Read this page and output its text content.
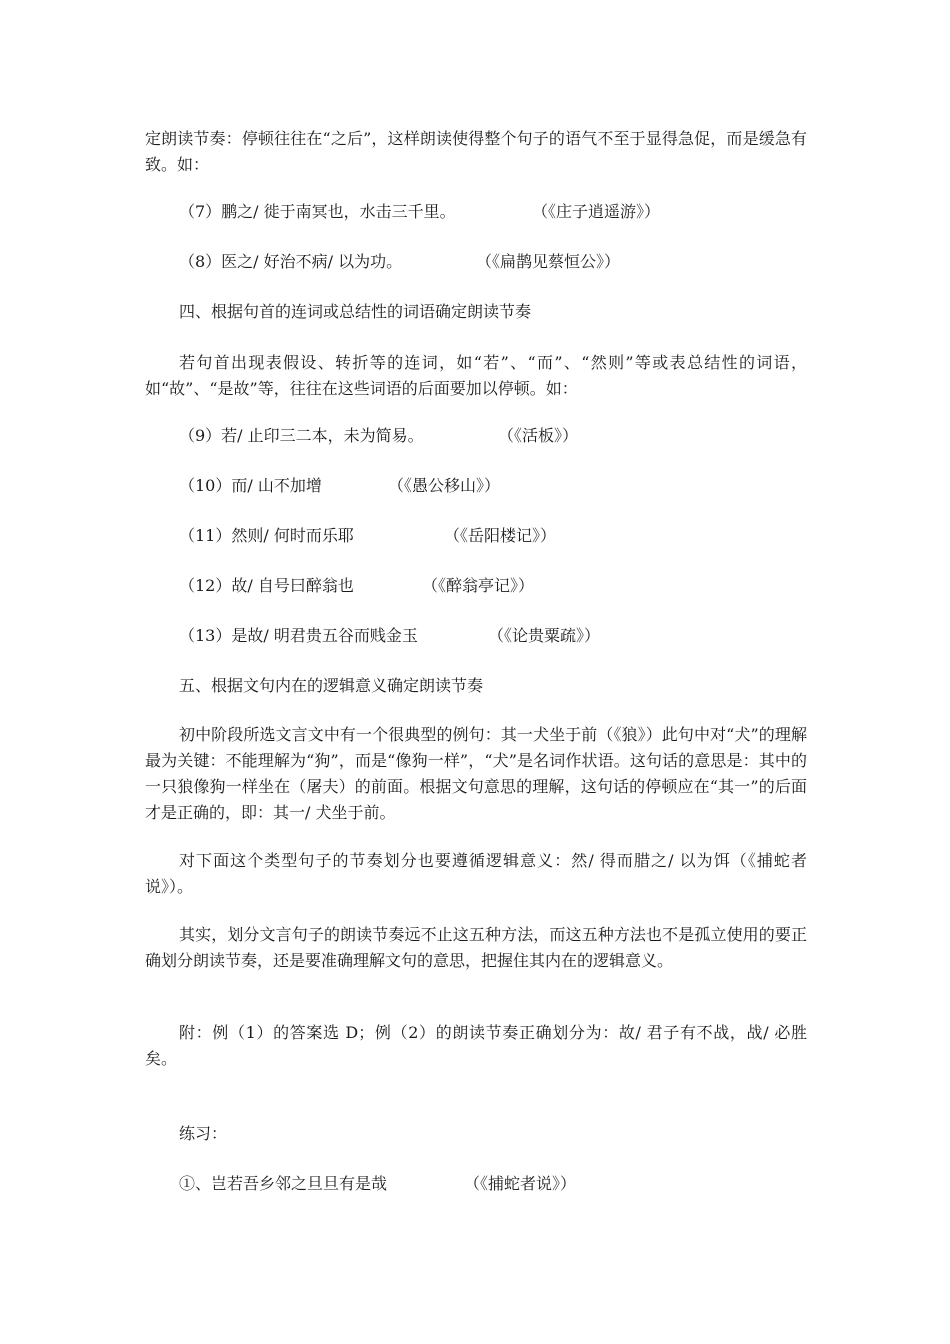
定朗读节奏：停顿往往在“之后”，这样朗读使得整个句子的语气不至于显得急促，而是缓急有致。如：
（7）鹏之/ 徙于南冥也，水击三千里。	（《庄子逍遥游》）
（8）医之/ 好治不病/ 以为功。	（《扁鹊见蔡恒公》）
四、根据句首的连词或总结性的词语确定朗读节奏
若句首出现表假设、转折等的连词，如“若”、“而”、“然则”等或表总结性的词语，如“故”、“是故”等，往往在这些词语的后面要加以停顿。如：
（9）若/ 止印三二本，未为简易。	（《活板》）
（10）而/ 山不加增	（《愚公移山》）
（11）然则/ 何时而乐耶	（《岳阳楼记》）
（12）故/ 自号曰醉翁也	（《醉翁亭记》）
（13）是故/ 明君贵五谷而贱金玉	（《论贵粟疏》）
五、根据文句内在的逻辑意义确定朗读节奏
初中阶段所选文言文中有一个很典型的例句：其一犬坐于前（《狼》）此句中对“犬”的理解最为关键：不能理解为“狗”，而是“像狗一样”，“犬”是名词作状语。这句话的意思是：其中的一只狼像狗一样坐在（屠夫）的前面。根据文句意思的理解，这句话的停顿应在“其一”的后面才是正确的，即：其一/ 犬坐于前。
对下面这个类型句子的节奏划分也要遵循逻辑意义：然/ 得而腊之/ 以为饵（《捕蛇者说》）。
其实，划分文言句子的朗读节奏远不止这五种方法，而这五种方法也不是孤立使用的要正确划分朗读节奏，还是要准确理解文句的意思，把握住其内在的逻辑意义。
附：例（1）的答案选 D；例（2）的朗读节奏正确划分为：故/ 君子有不战，战/ 必胜矣。
练习：
①、岂若吾乡邻之旦旦有是哉	（《捕蛇者说》）
